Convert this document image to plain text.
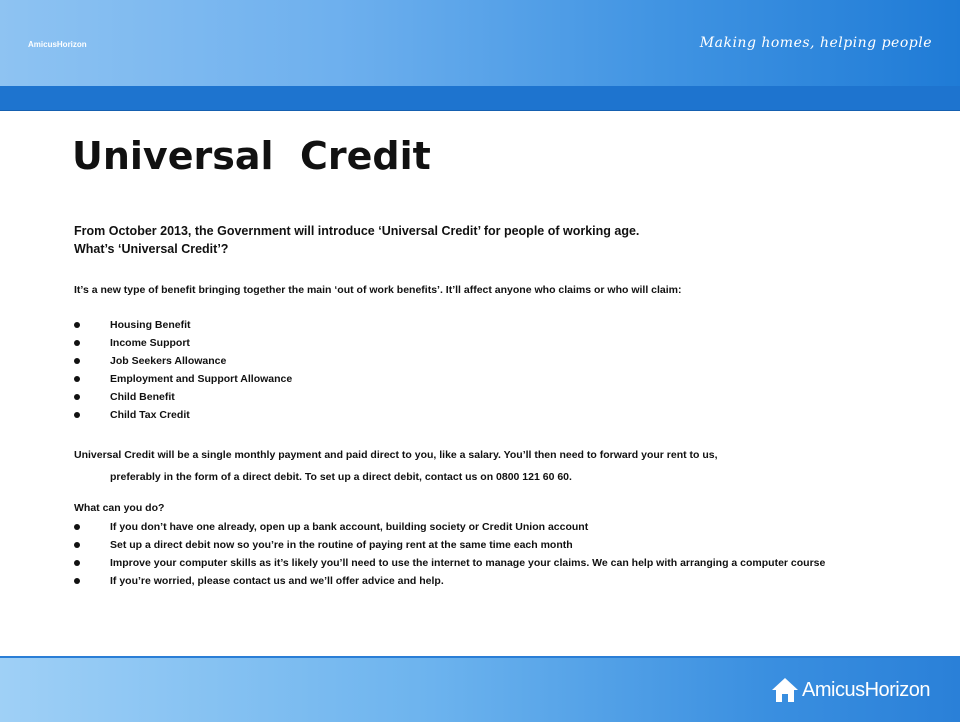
AmicusHorizon	Making homes, helping people
Universal  Credit

From October 2013, the Government will introduce ‘Universal Credit’ for people of working age.

What’s ‘Universal Credit’?

It’s a new type of benefit bringing together the main ‘out of work benefits’. It’ll affect anyone who claims or who will claim:

Housing Benefit
Income Support
Job Seekers Allowance
Employment and Support Allowance
Child Benefit
Child Tax Credit
Universal Credit will be a single monthly payment and paid direct to you, like a salary. You’ll then need to forward your rent to us,
preferably in the form of a direct debit. To set up a direct debit, contact us on 0800 121 60 60.
What can you do?
If you don’t have one already, open up a bank account, building society or Credit Union account
Set up a direct debit now so you’re in the routine of paying rent at the same time each month
Improve your computer skills as it’s likely you’ll need to use the internet to manage your claims. We can help with arranging a computer course
If you’re worried, please contact us and we’ll offer advice and help.
AmicusHorizon
